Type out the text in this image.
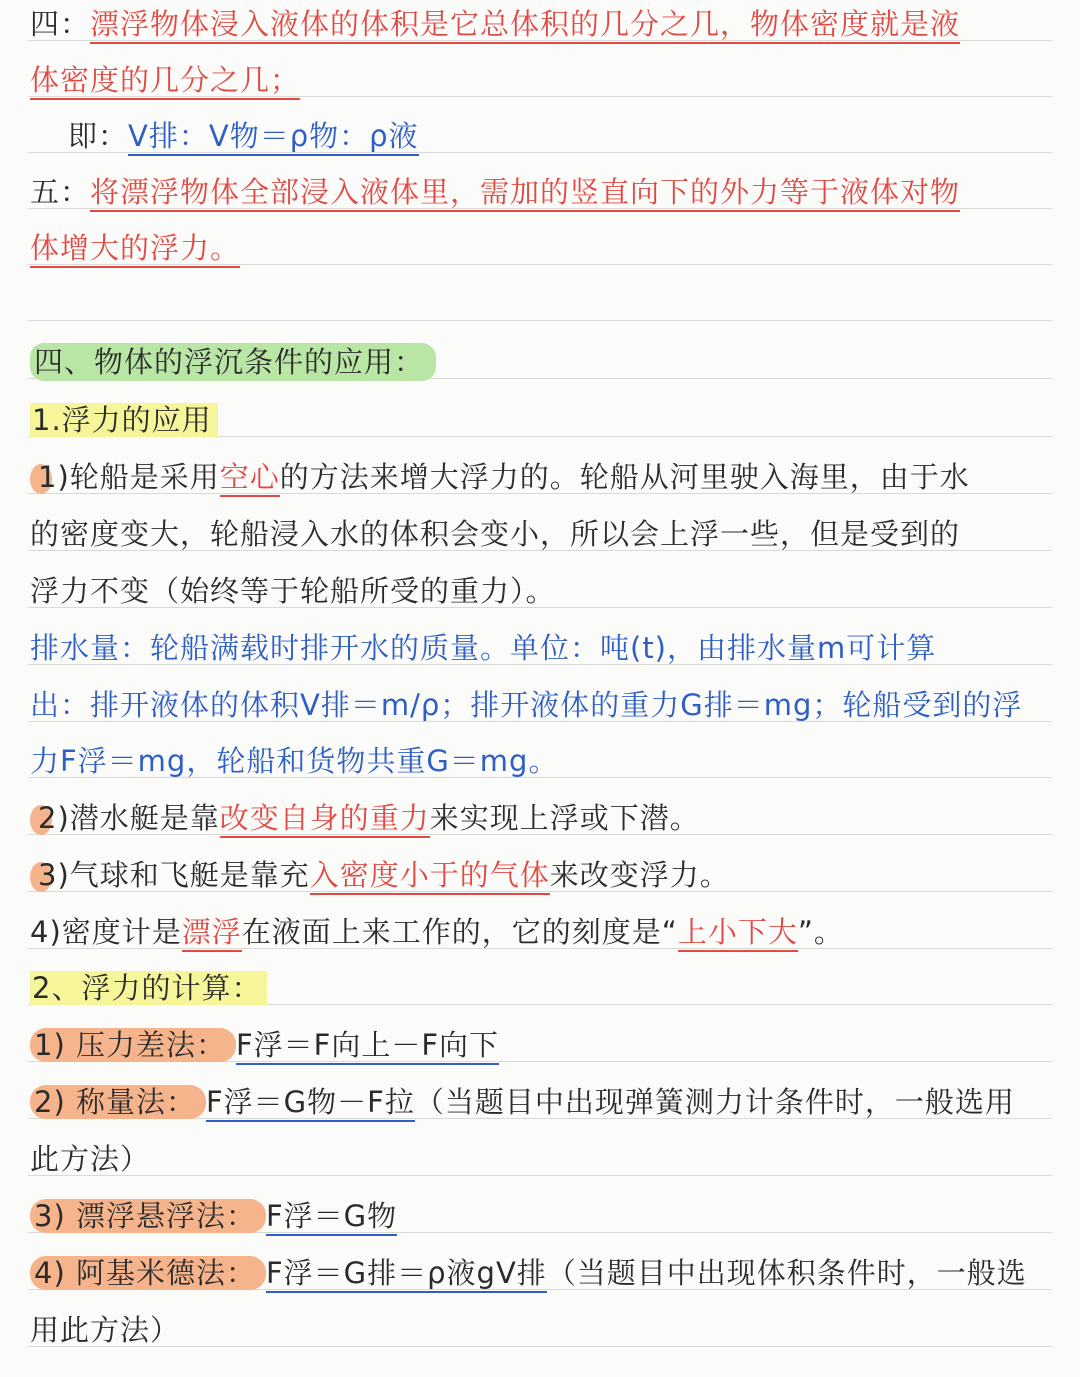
四：漂浮物体浸入液体的体积是它总体积的几分之几，物体密度就是液
体密度的几分之几；
即：V排：V物＝ρ物：ρ液
五：将漂浮物体全部浸入液体里，需加的竖直向下的外力等于液体对物
体增大的浮力。
四、物体的浮沉条件的应用：
1.浮力的应用
1)轮船是采用空心的方法来增大浮力的。轮船从河里驶入海里，由于水
的密度变大，轮船浸入水的体积会变小，所以会上浮一些，但是受到的
浮力不变（始终等于轮船所受的重力）。
排水量：轮船满载时排开水的质量。单位：吨(t)，由排水量m可计算
出：排开液体的体积V排＝m/ρ；排开液体的重力G排＝mg；轮船受到的浮
力F浮＝mg，轮船和货物共重G＝mg。
2)潜水艇是靠改变自身的重力来实现上浮或下潜。
3)气球和飞艇是靠充入密度小于的气体来改变浮力。
4)密度计是漂浮在液面上来工作的，它的刻度是“上小下大”。
2、浮力的计算：
1) 压力差法： F浮＝F向上－F向下
2) 称量法： F浮＝G物－F拉（当题目中出现弹簧测力计条件时，一般选用
此方法）
3) 漂浮悬浮法： F浮＝G物
4) 阿基米德法： F浮＝G排＝ρ液gV排（当题目中出现体积条件时，一般选
用此方法）
